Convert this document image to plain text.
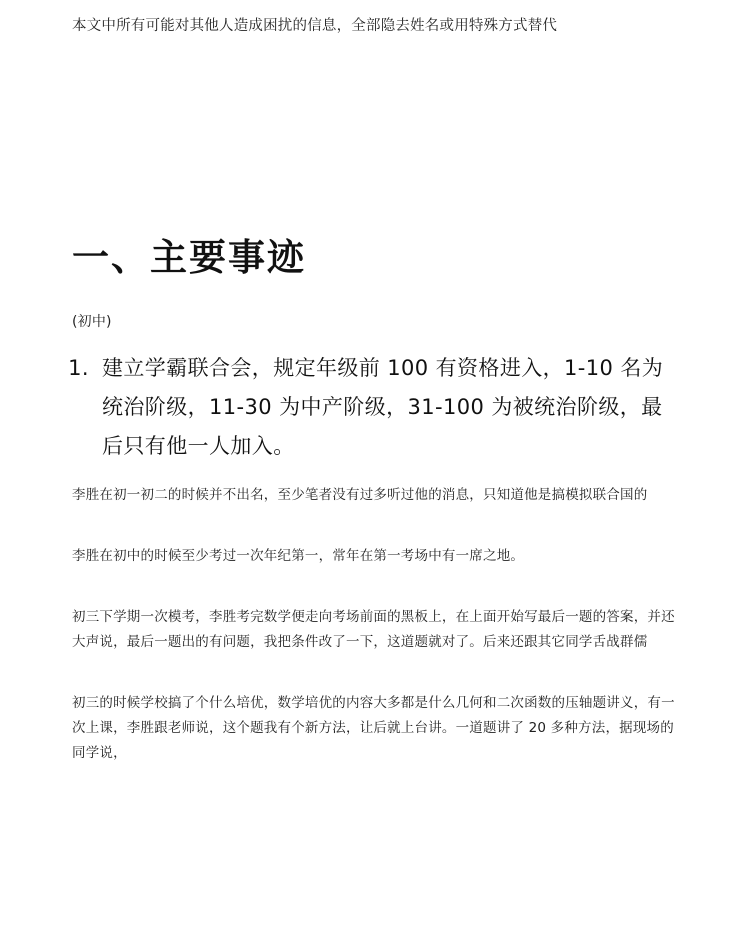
本文中所有可能对其他人造成困扰的信息，全部隐去姓名或用特殊方式替代
一、主要事迹
(初中)
1. 建立学霸联合会，规定年级前 100 有资格进入，1-10 名为统治阶级，11-30 为中产阶级，31-100 为被统治阶级，最后只有他一人加入。

李胜在初一初二的时候并不出名，至少笔者没有过多听过他的消息，只知道他是搞模拟联合国的

李胜在初中的时候至少考过一次年纪第一，常年在第一考场中有一席之地。

初三下学期一次模考，李胜考完数学便走向考场前面的黑板上，在上面开始写最后一题的答案，并还大声说，最后一题出的有问题，我把条件改了一下，这道题就对了。后来还跟其它同学舌战群儒

初三的时候学校搞了个什么培优，数学培优的内容大多都是什么几何和二次函数的压轴题讲义，有一次上课，李胜跟老师说，这个题我有个新方法，让后就上台讲。一道题讲了 20 多种方法，据现场的同学说，
